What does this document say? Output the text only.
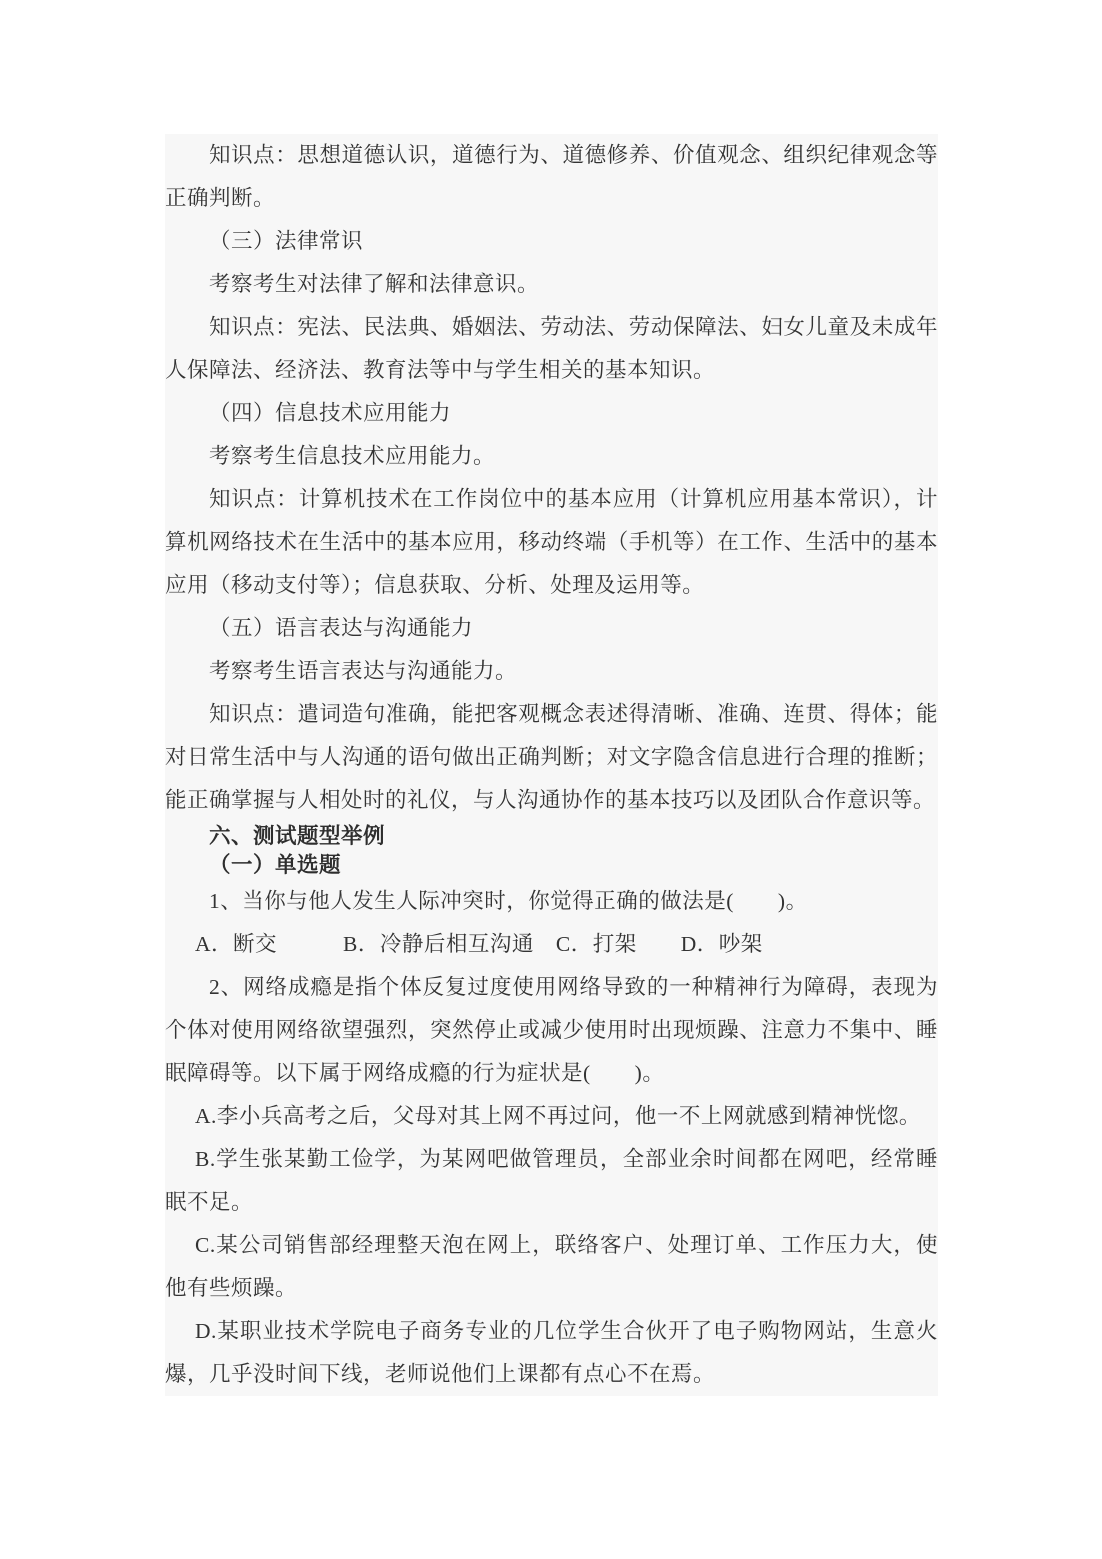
知识点：思想道德认识，道德行为、道德修养、价值观念、组织纪律观念等正确判断。

（三）法律常识

考察考生对法律了解和法律意识。

知识点：宪法、民法典、婚姻法、劳动法、劳动保障法、妇女儿童及未成年人保障法、经济法、教育法等中与学生相关的基本知识。

（四）信息技术应用能力

考察考生信息技术应用能力。

知识点：计算机技术在工作岗位中的基本应用（计算机应用基本常识），计算机网络技术在生活中的基本应用，移动终端（手机等）在工作、生活中的基本应用（移动支付等）；信息获取、分析、处理及运用等。

（五）语言表达与沟通能力

考察考生语言表达与沟通能力。

知识点：遣词造句准确，能把客观概念表述得清晰、准确、连贯、得体；能对日常生活中与人沟通的语句做出正确判断；对文字隐含信息进行合理的推断；能正确掌握与人相处时的礼仪，与人沟通协作的基本技巧以及团队合作意识等。

六、测试题型举例

（一）单选题

1、当你与他人发生人际冲突时，你觉得正确的做法是(　　)。

A．断交　　　B．冷静后相互沟通　C．打架　　D．吵架

2、网络成瘾是指个体反复过度使用网络导致的一种精神行为障碍，表现为个体对使用网络欲望强烈，突然停止或减少使用时出现烦躁、注意力不集中、睡眠障碍等。以下属于网络成瘾的行为症状是(　　)。

A.李小兵高考之后，父母对其上网不再过问，他一不上网就感到精神恍惚。

B.学生张某勤工俭学，为某网吧做管理员，全部业余时间都在网吧，经常睡眠不足。

C.某公司销售部经理整天泡在网上，联络客户、处理订单、工作压力大，使他有些烦躁。

D.某职业技术学院电子商务专业的几位学生合伙开了电子购物网站，生意火爆，几乎没时间下线，老师说他们上课都有点心不在焉。
